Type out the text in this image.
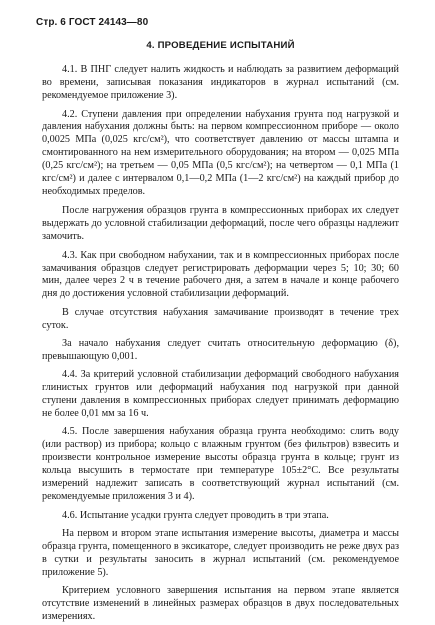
Стр. 6 ГОСТ 24143—80
4. ПРОВЕДЕНИЕ ИСПЫТАНИЙ

4.1. В ПНГ следует налить жидкость и наблюдать за развитием деформаций во времени, записывая показания индикаторов в журнал испытаний (см. рекомендуемое приложение 3).

4.2. Ступени давления при определении набухания грунта под нагрузкой и давления набухания должны быть: на первом компрессионном приборе — около 0,0025 МПа (0,025 кгс/см²), что соответствует давлению от массы штампа и смонтированного на нем измерительного оборудования; на втором — 0,025 МПа (0,25 кгс/см²); на третьем — 0,05 МПа (0,5 кгс/см²); на четвертом — 0,1 МПа (1 кгс/см²) и далее с интервалом 0,1—0,2 МПа (1—2 кгс/см²) на каждый прибор до необходимых пределов.

После нагружения образцов грунта в компрессионных приборах их следует выдержать до условной стабилизации деформаций, после чего образцы надлежит замочить.

4.3. Как при свободном набухании, так и в компрессионных приборах после замачивания образцов следует регистрировать деформации через 5; 10; 30; 60 мин, далее через 2 ч в течение рабочего дня, а затем в начале и конце рабочего дня до достижения условной стабилизации деформаций.

В случае отсутствия набухания замачивание производят в течение трех суток.

За начало набухания следует считать относительную деформацию (δ), превышающую 0,001.

4.4. За критерий условной стабилизации деформаций свободного набухания глинистых грунтов или деформаций набухания под нагрузкой при данной ступени давления в компрессионных приборах следует принимать деформацию не более 0,01 мм за 16 ч.

4.5. После завершения набухания образца грунта необходимо: слить воду (или раствор) из прибора; кольцо с влажным грунтом (без фильтров) взвесить и произвести контрольное измерение высоты образца грунта в кольце; грунт из кольца высушить в термостате при температуре 105±2°С. Все результаты измерений надлежит записать в соответствующий журнал испытаний (см. рекомендуемые приложения 3 и 4).

4.6. Испытание усадки грунта следует проводить в три этапа.

На первом и втором этапе испытания измерение высоты, диаметра и массы образца грунта, помещенного в эксикаторе, следует производить не реже двух раз в сутки и результаты заносить в журнал испытаний (см. рекомендуемое приложение 5).

Критерием условного завершения испытания на первом этапе является отсутствие изменений в линейных размерах образцов в двух последовательных измерениях.
